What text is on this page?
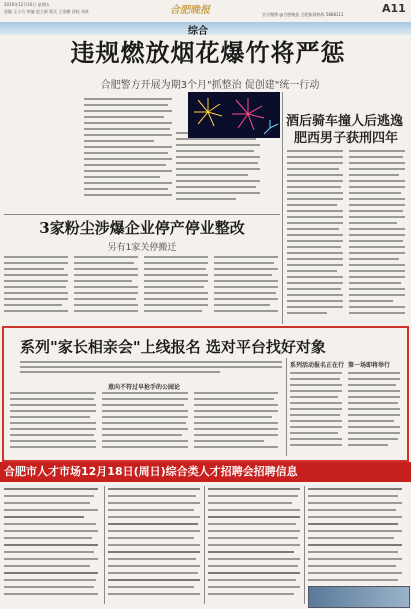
2016年12月16日 星期五
责编 王小方 审编 赵立新 版式 王家鹏 读校 刘真	合肥晚报	官方微博 @合肥晚报 合肥新闻热线 5888111	A11
综合
违规燃放烟花爆竹将严惩
合肥警方开展为期3个月"抓整治 促创建"统一行动
酒后骑车撞人后逃逸
肥西男子获刑四年
3家粉尘涉爆企业停产停业整改
另有1家关停搬迁
系列"家长相亲会"上线报名 选对平台找好对象
意向不符过早抢手的公园论
系列活动报名正在行 第一场即将举行
合肥市人才市场12月18日(周日)综合类人才招聘会招聘信息
